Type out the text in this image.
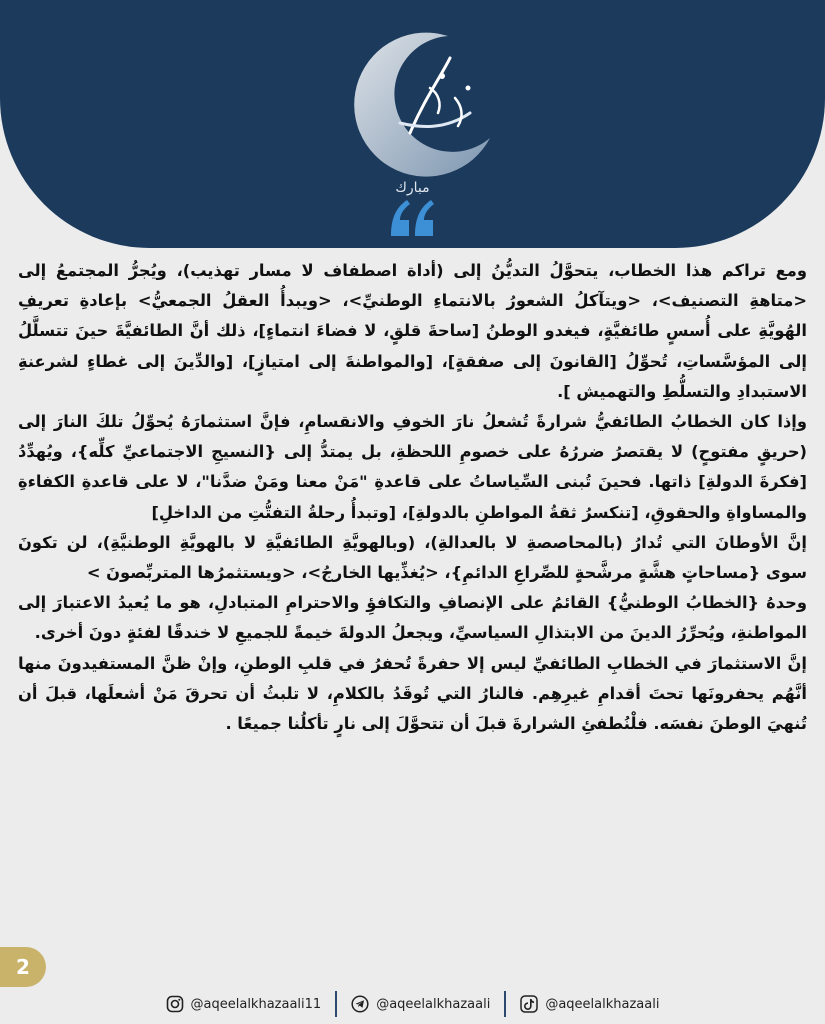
مبارك

ومع تراكم هذا الخطاب، يتحوَّلُ التديُّنُ إلى (أداة اصطفاف لا مسار تهذيب)، ويُجرُّ المجتمعُ إلى <متاهةِ التصنيف>، <ويتآكلُ الشعورُ بالانتماءِ الوطنيِّ>، <ويبدأُ العقلُ الجمعيُّ> بإعادةِ تعريفِ الهُويَّةِ على أُسسٍ طائفيَّةٍ، فيغدو الوطنُ [ساحةَ قلقٍ، لا فضاءَ انتماءٍ]، ذلك أنَّ الطائفيَّةَ حينَ تتسلَّلُ إلى المؤسَّساتِ، تُحوِّلُ [القانونَ إلى صفقةٍ]، [والمواطنةَ إلى امتيازٍ]، [والدِّينَ إلى غطاءٍ لشرعنةِ الاستبدادِ والتسلُّطِ والتهميش ].

وإذا كان الخطابُ الطائفيُّ شرارةً تُشعلُ نارَ الخوفِ والانقسامِ، فإنَّ استثمارَهُ يُحوِّلُ تلكَ النارَ إلى (حريقٍ مفتوحٍ) لا يقتصرُ ضررُهُ على خصومِ اللحظةِ، بل يمتدُّ إلى {النسيجِ الاجتماعيِّ كلِّه}، ويُهدِّدُ [فكرةَ الدولةِ] ذاتها. فحينَ تُبنى السِّياساتُ على قاعدةِ "مَنْ معنا ومَنْ ضدَّنا"، لا على قاعدةِ الكفاءةِ والمساواةِ والحقوقِ، [تنكسرُ ثقةُ المواطنِ بالدولةِ]، [وتبدأُ رحلةُ التفتُّتِ من الداخلِ]

إنَّ الأوطانَ التي تُدارُ (بالمحاصصةِ لا بالعدالةِ)، (وبالهويَّةِ الطائفيَّةِ لا بالهويَّةِ الوطنيَّةِ)، لن تكونَ سوى {مساحاتٍ هشَّةٍ مرشَّحةٍ للصِّراعِ الدائمِ}، <يُغذِّيها الخارجُ>، <ويستثمرُها المتربِّصونَ >

وحدهُ {الخطابُ الوطنيُّ} القائمُ على الإنصافِ والتكافؤِ والاحترامِ المتبادلِ، هو ما يُعيدُ الاعتبارَ إلى المواطنةِ، ويُحرِّرُ الدينَ من الابتذالِ السياسيِّ، ويجعلُ الدولةَ خيمةً للجميعِ لا خندقًا لفئةٍ دونَ أخرى.

إنَّ الاستثمارَ في الخطابِ الطائفيِّ ليس إلا حفرةً تُحفرُ في قلبِ الوطنِ، وإنْ ظنَّ المستفيدونَ منها أنَّهُم يحفرونَها تحتَ أقدامِ غيرِهِم. فالنارُ التي تُوقَدُ بالكلامِ، لا تلبثُ أن تحرقَ مَنْ أشعلَها، قبلَ أن تُنهيَ الوطنَ نفسَه. فلْنُطفئِ الشرارةَ قبلَ أن تتحوَّلَ إلى نارٍ تأكلُنا جميعًا .

2
@aqeelalkhazaali11	@aqeelalkhazaali	@aqeelalkhazaali
